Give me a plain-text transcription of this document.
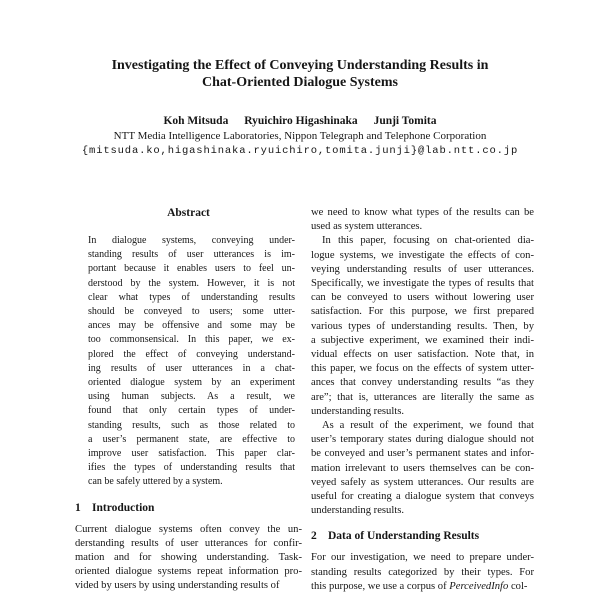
Investigating the Effect of Conveying Understanding Results in
Chat-Oriented Dialogue Systems
Koh Mitsuda Ryuichiro Higashinaka Junji Tomita
NTT Media Intelligence Laboratories, Nippon Telegraph and Telephone Corporation
{mitsuda.ko,higashinaka.ryuichiro,tomita.junji}@lab.ntt.co.jp
Abstract
In dialogue systems, conveying under-
standing results of user utterances is im-
portant because it enables users to feel un-
derstood by the system. However, it is not
clear what types of understanding results
should be conveyed to users; some utter-
ances may be offensive and some may be
too commonsensical. In this paper, we ex-
plored the effect of conveying understand-
ing results of user utterances in a chat-
oriented dialogue system by an experiment
using human subjects. As a result, we
found that only certain types of under-
standing results, such as those related to
a user’s permanent state, are effective to
improve user satisfaction. This paper clar-
ifies the types of understanding results that
can be safely uttered by a system.
1 Introduction
Current dialogue systems often convey the un-
derstanding results of user utterances for confir-
mation and for showing understanding. Task-
oriented dialogue systems repeat information pro-
vided by users by using understanding results of
we need to know what types of the results can be
used as system utterances.
In this paper, focusing on chat-oriented dia-
logue systems, we investigate the effects of con-
veying understanding results of user utterances.
Specifically, we investigate the types of results that
can be conveyed to users without lowering user
satisfaction. For this purpose, we first prepared
various types of understanding results. Then, by
a subjective experiment, we examined their indi-
vidual effects on user satisfaction. Note that, in
this paper, we focus on the effects of system utter-
ances that convey understanding results “as they
are”; that is, utterances are literally the same as
understanding results.
As a result of the experiment, we found that
user’s temporary states during dialogue should not
be conveyed and user’s permanent states and infor-
mation irrelevant to users themselves can be con-
veyed safely as system utterances. Our results are
useful for creating a dialogue system that conveys
understanding results.
2 Data of Understanding Results
For our investigation, we need to prepare under-
standing results categorized by their types. For
this purpose, we use a corpus of PerceivedInfo col-
